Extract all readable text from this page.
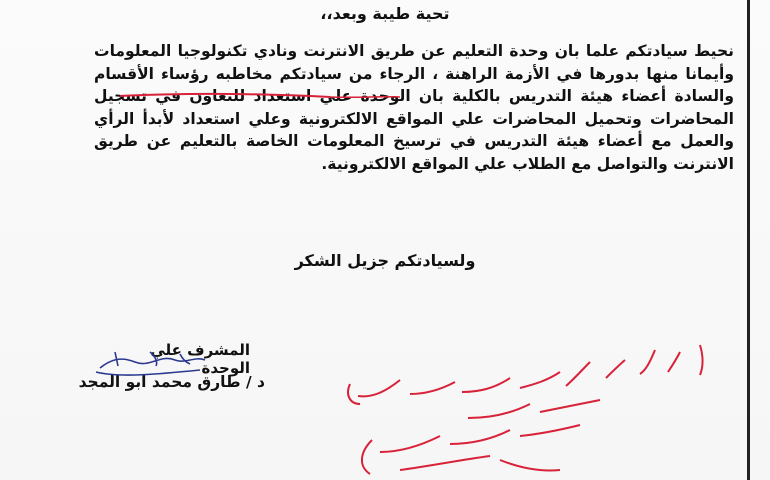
تحية طيبة وبعد،،

نحيط سيادتكم علما بان وحدة التعليم عن طريق الانترنت ونادي تكنولوجيا المعلومات وأيمانا منها بدورها في الأزمة الراهنة ، الرجاء من سيادتكم مخاطبه رؤساء الأقسام والسادة أعضاء هيئة التدريس بالكلية بان الوحدة علي استعداد للتعاون في تسجيل المحاضرات وتحميل المحاضرات علي المواقع الالكترونية وعلي استعداد لأبدأ الرأي والعمل مع أعضاء هيئة التدريس في ترسيخ المعلومات الخاصة بالتعليم عن طريق الانترنت والتواصل مع الطلاب علي المواقع الالكترونية.

ولسيادتكم جزيل الشكر
المشرف علي الوحدة
د / طارق محمد ابو المجد
